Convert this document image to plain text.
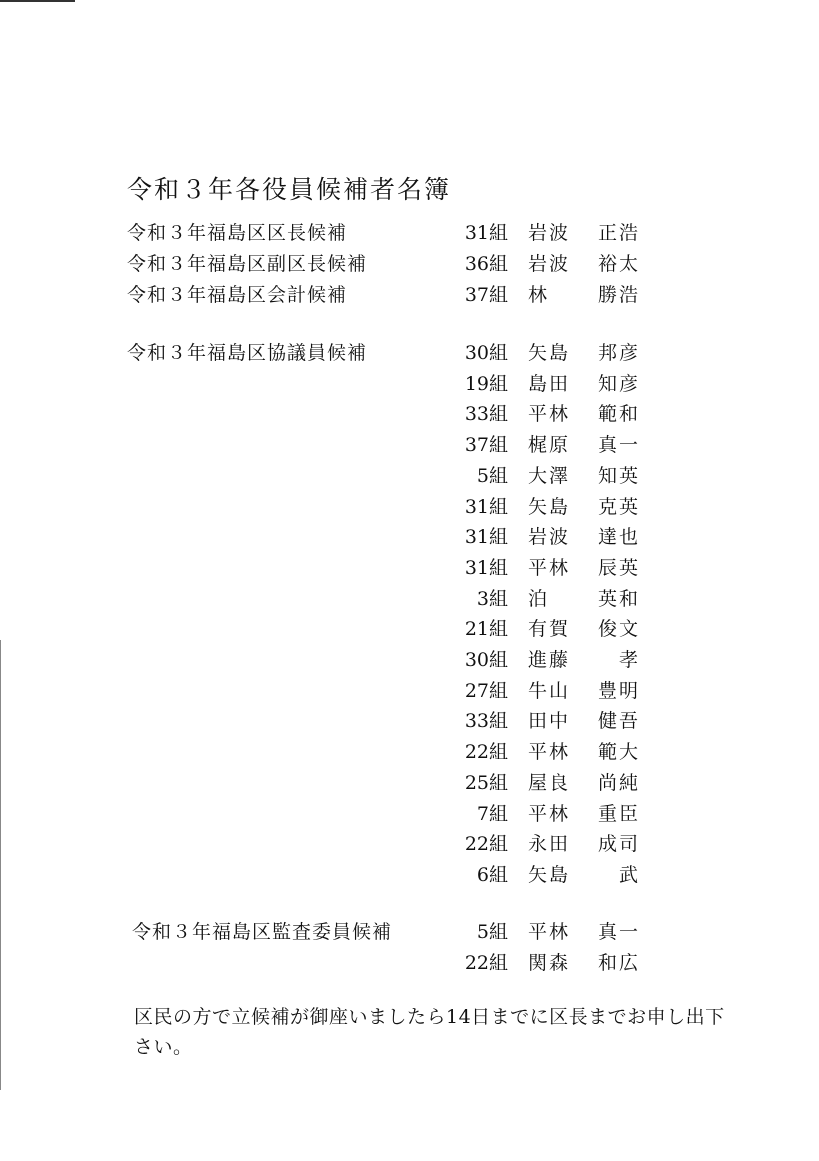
令和３年各役員候補者名簿
令和３年福島区区長候補	31組 岩波	正浩
令和３年福島区副区長候補	36組 岩波	裕太
令和３年福島区会計候補	37組 林	勝浩
令和３年福島区協議員候補	30組 矢島	邦彦
19組 島田	知彦
33組 平林	範和
37組 梶原	真一
5組 大澤	知英
31組 矢島	克英
31組 岩波	達也
31組 平林	辰英
3組 泊	英和
21組 有賀	俊文
30組 進藤	孝
27組 牛山	豊明
33組 田中	健吾
22組 平林	範大
25組 屋良	尚純
7組 平林	重臣
22組 永田	成司
6組 矢島	武
令和３年福島区監査委員候補	5組 平林	真一
22組 関森	和広
区民の方で立候補が御座いましたら14日までに区長までお申し出下さい。
